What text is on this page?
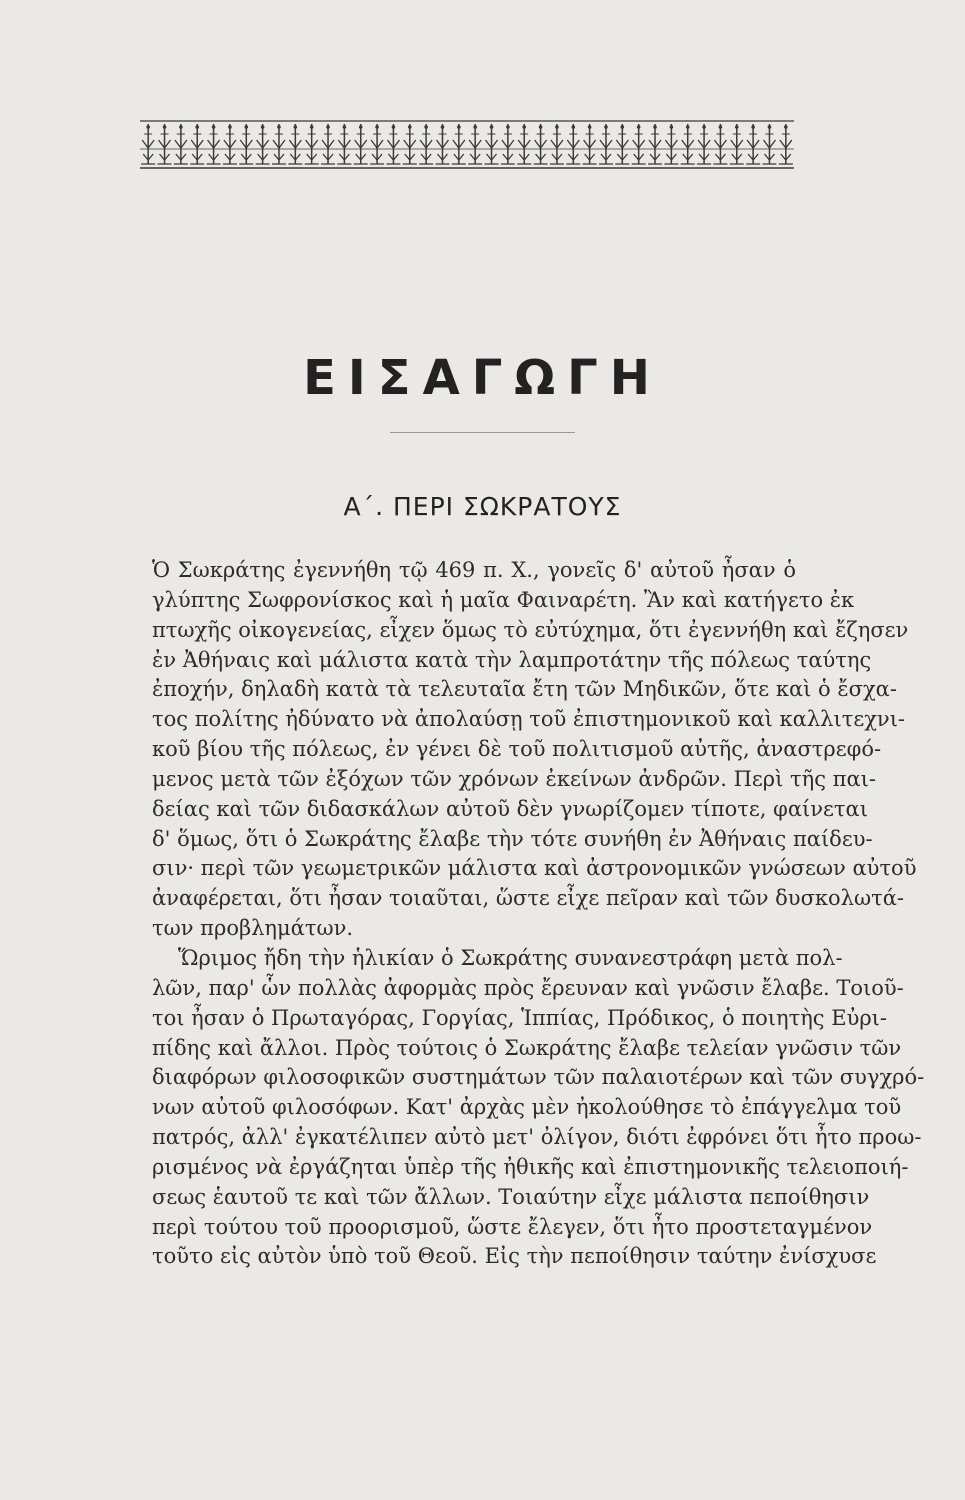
ΕΙΣΑΓΩΓΗ
Α΄. ΠΕΡΙ ΣΩΚΡΑΤΟΥΣ
Ὁ Σωκράτης ἐγεννήθη τῷ 469 π. Χ., γονεῖς δ' αὐτοῦ ἦσαν ὁ
γλύπτης Σωφρονίσκος καὶ ἡ μαῖα Φαιναρέτη. Ἂν καὶ κατήγετο ἐκ
πτωχῆς οἰκογενείας, εἶχεν ὅμως τὸ εὐτύχημα, ὅτι ἐγεννήθη καὶ ἔζησεν
ἐν Ἀθήναις καὶ μάλιστα κατὰ τὴν λαμπροτάτην τῆς πόλεως ταύτης
ἐποχήν, δηλαδὴ κατὰ τὰ τελευταῖα ἔτη τῶν Μηδικῶν, ὅτε καὶ ὁ ἔσχα-
τος πολίτης ἠδύνατο νὰ ἀπολαύσῃ τοῦ ἐπιστημονικοῦ καὶ καλλιτεχνι-
κοῦ βίου τῆς πόλεως, ἐν γένει δὲ τοῦ πολιτισμοῦ αὐτῆς, ἀναστρεφό-
μενος μετὰ τῶν ἐξόχων τῶν χρόνων ἐκείνων ἀνδρῶν. Περὶ τῆς παι-
δείας καὶ τῶν διδασκάλων αὐτοῦ δὲν γνωρίζομεν τίποτε, φαίνεται
δ' ὅμως, ὅτι ὁ Σωκράτης ἔλαβε τὴν τότε συνήθη ἐν Ἀθήναις παίδευ-
σιν· περὶ τῶν γεωμετρικῶν μάλιστα καὶ ἀστρονομικῶν γνώσεων αὐτοῦ
ἀναφέρεται, ὅτι ἦσαν τοιαῦται, ὥστε εἶχε πεῖραν καὶ τῶν δυσκολωτά-
των προβλημάτων.
Ὥριμος ἤδη τὴν ἡλικίαν ὁ Σωκράτης συνανεστράφη μετὰ πολ-
λῶν, παρ' ὧν πολλὰς ἀφορμὰς πρὸς ἔρευναν καὶ γνῶσιν ἔλαβε. Τοιοῦ-
τοι ἦσαν ὁ Πρωταγόρας, Γοργίας, Ἱππίας, Πρόδικος, ὁ ποιητὴς Εὐρι-
πίδης καὶ ἄλλοι. Πρὸς τούτοις ὁ Σωκράτης ἔλαβε τελείαν γνῶσιν τῶν
διαφόρων φιλοσοφικῶν συστημάτων τῶν παλαιοτέρων καὶ τῶν συγχρό-
νων αὐτοῦ φιλοσόφων. Κατ' ἀρχὰς μὲν ἠκολούθησε τὸ ἐπάγγελμα τοῦ
πατρός, ἀλλ' ἐγκατέλιπεν αὐτὸ μετ' ὀλίγον, διότι ἐφρόνει ὅτι ἦτο προω-
ρισμένος νὰ ἐργάζηται ὑπὲρ τῆς ἠθικῆς καὶ ἐπιστημονικῆς τελειοποιή-
σεως ἑαυτοῦ τε καὶ τῶν ἄλλων. Τοιαύτην εἶχε μάλιστα πεποίθησιν
περὶ τούτου τοῦ προορισμοῦ, ὥστε ἔλεγεν, ὅτι ἦτο προστεταγμένον
τοῦτο εἰς αὐτὸν ὑπὸ τοῦ Θεοῦ. Εἰς τὴν πεποίθησιν ταύτην ἐνίσχυσε
